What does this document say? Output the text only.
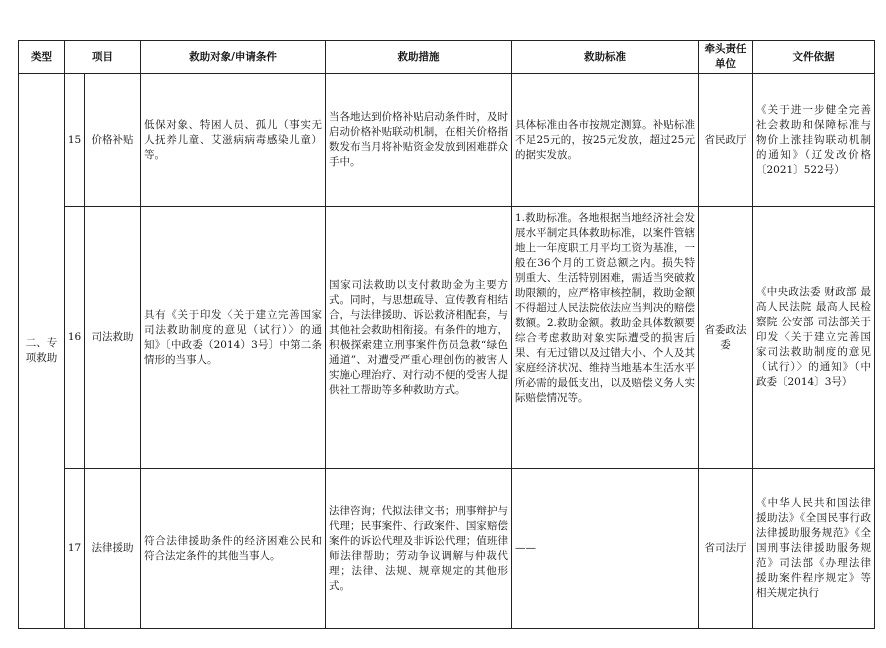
类型	项目		救助对象/申请条件	救助措施	救助标准	牵头责任单位	文件依据
二、专项救助	15	价格补贴	低保对象、特困人员、孤儿（事实无人抚养儿童、艾滋病病毒感染儿童）等。	当各地达到价格补贴启动条件时，及时启动价格补贴联动机制，在相关价格指数发布当月将补贴资金发放到困难群众手中。	具体标准由各市按规定测算。补贴标准不足25元的，按25元发放，超过25元的据实发放。	省民政厅	《关于进一步健全完善社会救助和保障标准与物价上涨挂钩联动机制的通知》（辽发改价格〔2021〕522号）
	16	司法救助	具有《关于印发〈关于建立完善国家司法救助制度的意见（试行）〉的通知》〔中政委（2014）3号〕中第二条情形的当事人。	国家司法救助以支付救助金为主要方式。同时，与思想疏导、宣传教育相结合，与法律援助、诉讼救济相配套，与其他社会救助相衔接。有条件的地方，积极探索建立刑事案件伤员急救“绿色通道”、对遭受严重心理创伤的被害人实施心理治疗、对行动不便的受害人提供社工帮助等多种救助方式。	1.救助标准。各地根据当地经济社会发展水平制定具体救助标准，以案件管辖地上一年度职工月平均工资为基准，一般在36个月的工资总额之内。损失特别重大、生活特别困难，需适当突破救助限额的，应严格审核控制，救助金额不得超过人民法院依法应当判决的赔偿数额。2.救助金额。救助金具体数额要综合考虑救助对象实际遭受的损害后果、有无过错以及过错大小、个人及其家庭经济状况、维持当地基本生活水平所必需的最低支出，以及赔偿义务人实际赔偿情况等。	省委政法委	《中央政法委 财政部 最高人民法院 最高人民检察院 公安部 司法部关于印发〈关于建立完善国家司法救助制度的意见（试行）〉的通知》（中政委〔2014〕3号）
	17	法律援助	符合法律援助条件的经济困难公民和符合法定条件的其他当事人。	法律咨询；代拟法律文书；刑事辩护与代理；民事案件、行政案件、国家赔偿案件的诉讼代理及非诉讼代理；值班律师法律帮助；劳动争议调解与仲裁代理；法律、法规、规章规定的其他形式。	——	省司法厅	《中华人民共和国法律援助法》《全国民事行政法律援助服务规范》《全国刑事法律援助服务规范》司法部《办理法律援助案件程序规定》等相关规定执行
